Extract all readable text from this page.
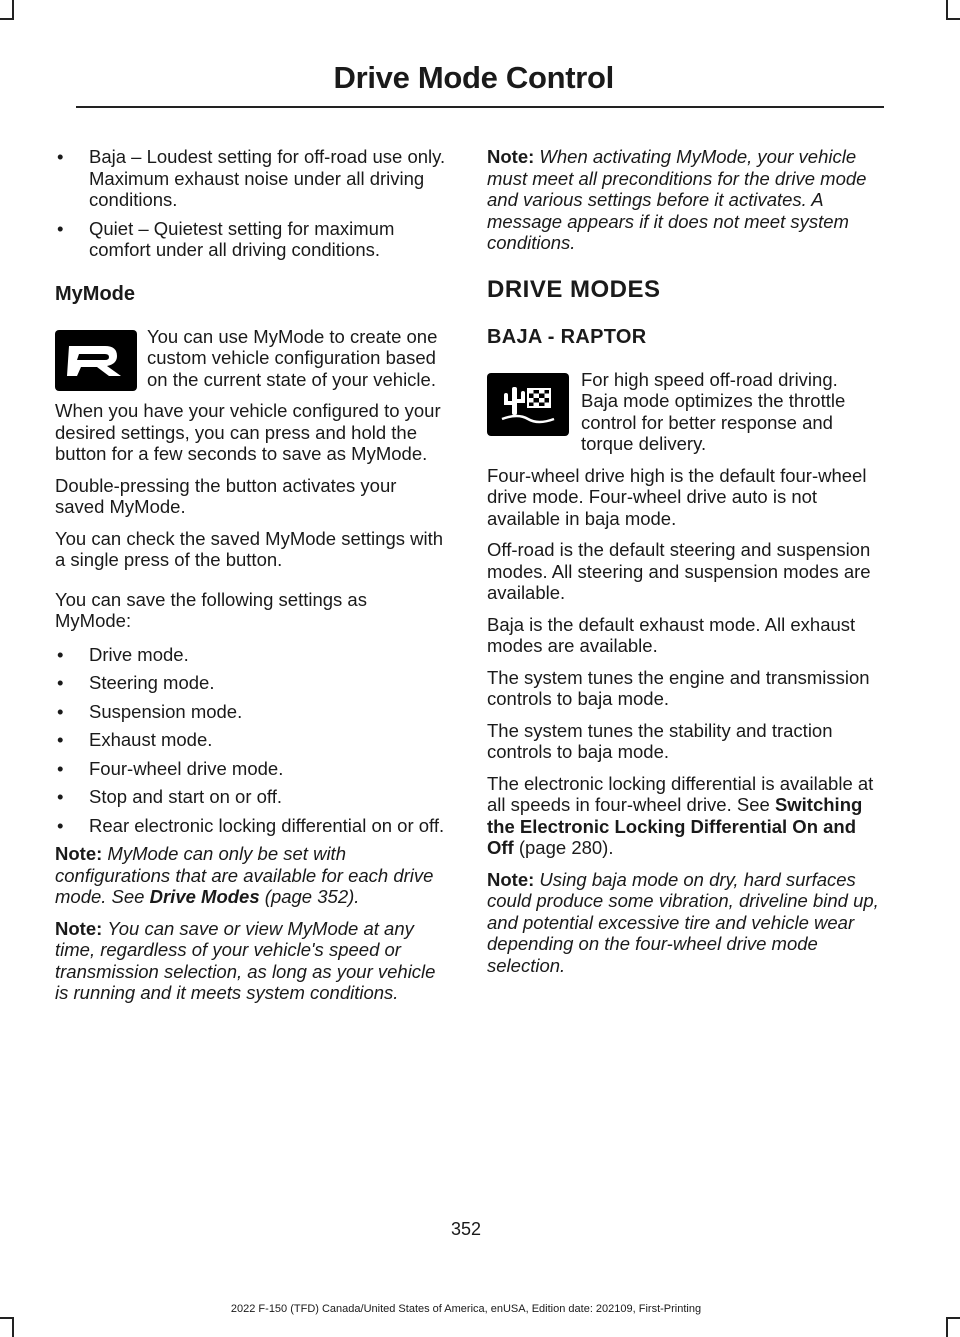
Drive Mode Control

• Baja – Loudest setting for off-road use only. Maximum exhaust noise under all driving conditions.

• Quiet – Quietest setting for maximum comfort under all driving conditions.

MyMode

You can use MyMode to create one custom vehicle configuration based on the current state of your vehicle.

When you have your vehicle configured to your desired settings, you can press and hold the button for a few seconds to save as MyMode.

Double-pressing the button activates your saved MyMode.

You can check the saved MyMode settings with a single press of the button.

You can save the following settings as MyMode:

• Drive mode.

• Steering mode.

• Suspension mode.

• Exhaust mode.

• Four-wheel drive mode.

• Stop and start on or off.

• Rear electronic locking differential on or off.

Note: MyMode can only be set with configurations that are available for each drive mode. See Drive Modes (page 352).

Note: You can save or view MyMode at any time, regardless of your vehicle's speed or transmission selection, as long as your vehicle is running and it meets system conditions.

Note: When activating MyMode, your vehicle must meet all preconditions for the drive mode and various settings before it activates. A message appears if it does not meet system conditions.

DRIVE MODES
BAJA - RAPTOR

For high speed off-road driving. Baja mode optimizes the throttle control for better response and torque delivery.

Four-wheel drive high is the default four-wheel drive mode. Four-wheel drive auto is not available in baja mode.

Off-road is the default steering and suspension modes. All steering and suspension modes are available.

Baja is the default exhaust mode. All exhaust modes are available.

The system tunes the engine and transmission controls to baja mode.

The system tunes the stability and traction controls to baja mode.

The electronic locking differential is available at all speeds in four-wheel drive. See Switching the Electronic Locking Differential On and Off (page 280).

Note: Using baja mode on dry, hard surfaces could produce some vibration, driveline bind up, and potential excessive tire and vehicle wear depending on the four-wheel drive mode selection.

352
2022 F-150 (TFD) Canada/United States of America, enUSA, Edition date: 202109, First-Printing
